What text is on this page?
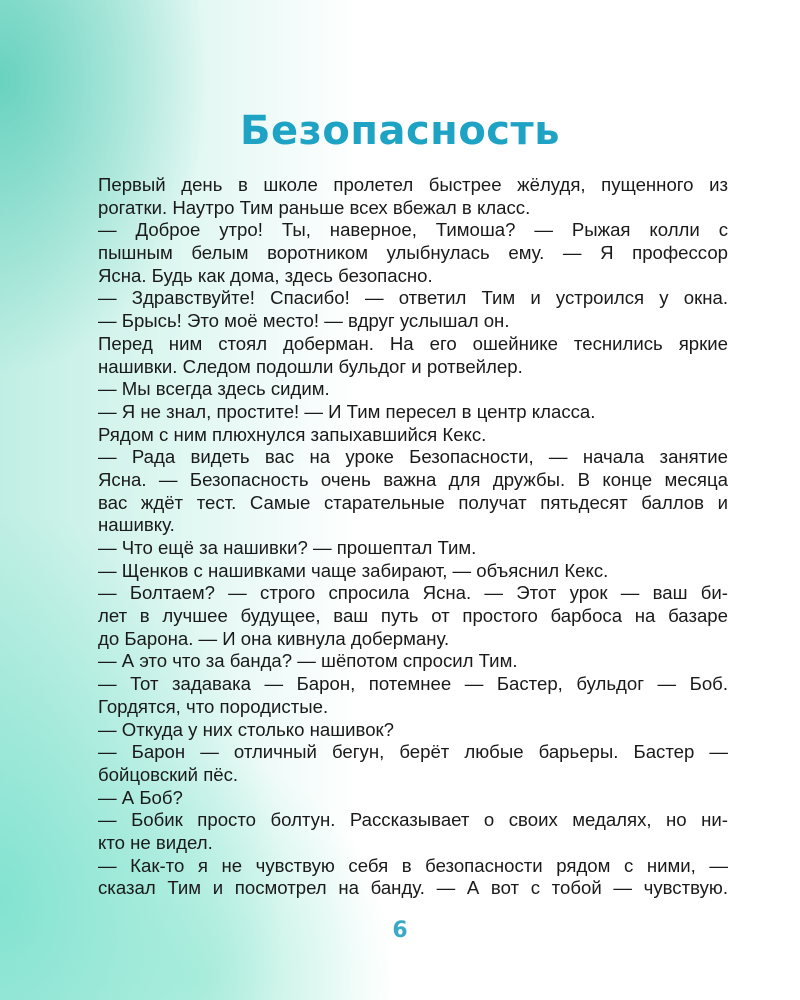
Безопасность
Первый день в школе пролетел быстрее жёлудя, пущенного из
рогатки. Наутро Тим раньше всех вбежал в класс.
— Доброе утро! Ты, наверное, Тимоша? — Рыжая колли с
пышным белым воротником улыбнулась ему. — Я профессор
Ясна. Будь как дома, здесь безопасно.
— Здравствуйте! Спасибо! — ответил Тим и устроился у окна.
— Брысь! Это моё место! — вдруг услышал он.
Перед ним стоял доберман. На его ошейнике теснились яркие
нашивки. Следом подошли бульдог и ротвейлер.
— Мы всегда здесь сидим.
— Я не знал, простите! — И Тим пересел в центр класса.
Рядом с ним плюхнулся запыхавшийся Кекс.
— Рада видеть вас на уроке Безопасности, — начала занятие
Ясна. — Безопасность очень важна для дружбы. В конце месяца
вас ждёт тест. Самые старательные получат пятьдесят баллов и
нашивку.
— Что ещё за нашивки? — прошептал Тим.
— Щенков с нашивками чаще забирают, — объяснил Кекс.
— Болтаем? — строго спросила Ясна. — Этот урок — ваш би-
лет в лучшее будущее, ваш путь от простого барбоса на базаре
до Барона. — И она кивнула доберману.
— А это что за банда? — шёпотом спросил Тим.
— Тот задавака — Барон, потемнее — Бастер, бульдог — Боб.
Гордятся, что породистые.
— Откуда у них столько нашивок?
— Барон — отличный бегун, берёт любые барьеры. Бастер —
бойцовский пёс.
— А Боб?
— Бобик просто болтун. Рассказывает о своих медалях, но ни-
кто не видел.
— Как-то я не чувствую себя в безопасности рядом с ними, —
сказал Тим и посмотрел на банду. — А вот с тобой — чувствую.
6
